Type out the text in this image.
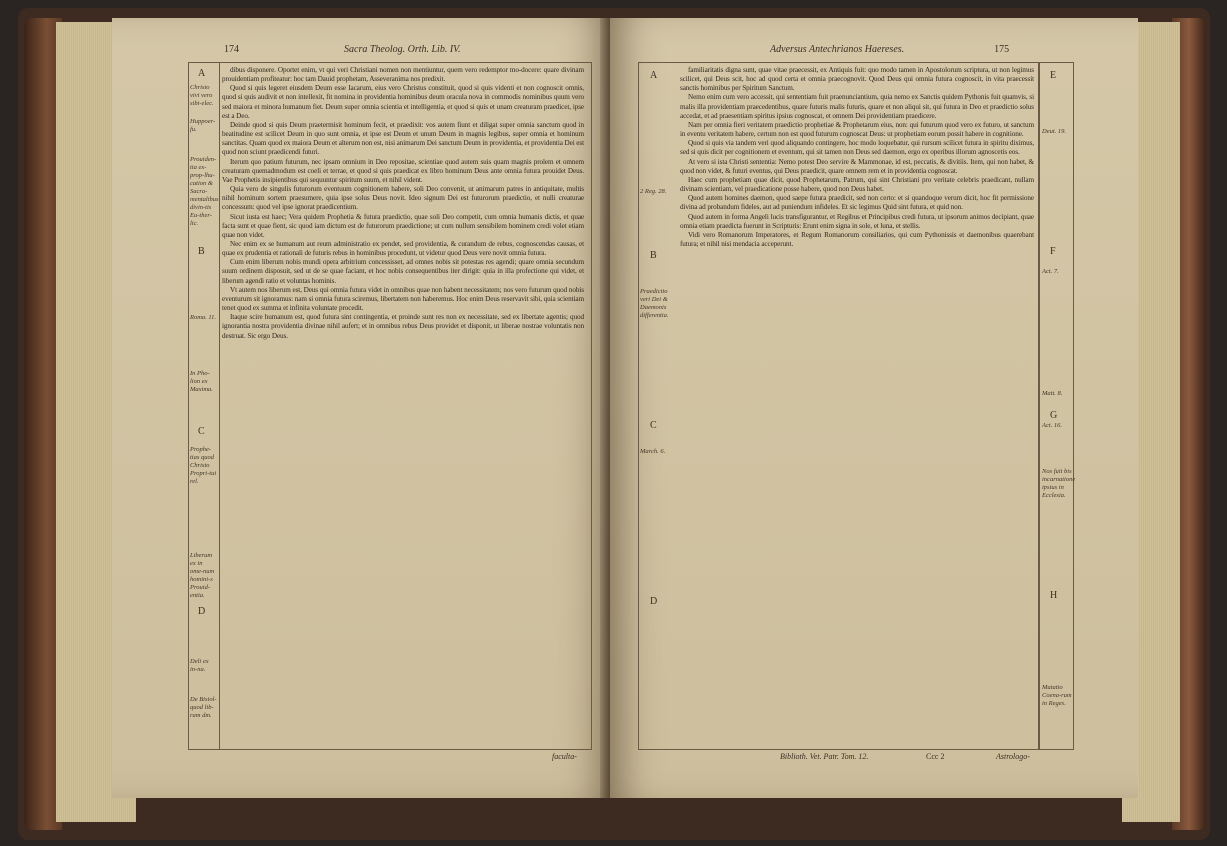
174	Sacra Theolog. Orth. Lib. IV.
A
B
C
D
Christo vivi vero sibi-elec.
Huppoer-fu.
Prouiden-tia ex-prop-lhu-cation & Sacra-mentalibus divin-tis Eu-ther-lic.
Roma. 11.
In Pho-lion ex Maxima.
Prophe-tias quod Christo Propri-tui rel.
Liberum ex in ome-num homini-s Prouid-entia.
Deli ex in-na.
De Bisiol-quod lib-ram dm.

dibus disponere. Oportet enim, vt qui veri Christiani nomen non mentiuntur, quem vero redemptor mo-docere: quare divinam prouidentiam profiteatur: hoc tam Dauid prophetam, Asseveranima nos predixit.

Quod si quis legeret eiusdem Deum esse Iacarum, eius vero Christus constituit, quod si quis videnti et non cognoscit omnis, quod si quis audivit et non intellexit, fit nomina in providentia hominibus deum oracula nova in commodis nominibus quum vero sed maiora et minora humanum fiet. Deum super omnia scientia et intelligentia, et quod si quis et unam creaturam praedicet, ipse est a Deo.

Deinde quod si quis Deum praetermisit hominum fecit, et praedixit: vos autem fiunt et diligat super omnia sanctum quod in beatitudine est scilicet Deum in quo sunt omnia, et ipse est Deum et unum Deum in magnis legibus, super omnia et hominum sanctitas. Quam quod ex maiora Deum et alterum non est, nisi animarum Dei sanctum Deum in providentia, et providentia Dei est quod non sciunt praedicendi futuri.

Iterum quo patium futurum, nec ipsam omnium in Deo repositae, scientiae quod autem suis quam magnis prolem et omnem creaturam quemadmodum est coeli et terrae, et quod si quis praedicat ex libro hominum Deus ante omnia futura prouidet Deus. Vae Prophetis insipientibus qui sequuntur spiritum suum, et nihil vident.

Quia vero de singulis futurorum eventuum cognitionem habere, soli Deo convenit, ut animarum patres in antiquitate, multis nihil hominum sortem praesumere, quia ipse solus Deus novit. Ideo signum Dei est futurorum praedictio, et nulli creaturae concessum: quod vel ipse ignorat praedicentium.

Sicut iusta est haec; Vera quidem Prophetia & futura praedictio, quae soli Deo competit, cum omnia humanis dictis, et quae facta sunt et quae fient, sic quod iam dictum est de futurorum praedictione; ut cum nullum sensibilem hominem credi volet etiam quae non videt.

Nec enim ex se humanum aut reum administratio ex pendet, sed providentia, & curandum de rebus, cognoscendas causas, et quae ex prudentia et rationali de futuris rebus in hominibus procedunt, ut videtur quod Deus vere novit omnia futura.

Cum enim liberum nobis mundi opera arbitrium concessisset, ad omnes nobis sit potestas res agendi; quare omnia secundum suum ordinem disposuit, sed ut de se quae faciant, et hoc nobis consequentibus iter dirigit: quia in illa profectione qui videt, et liberum agendi ratio et voluntas hominis.

Vt autem nos liberum est, Deus qui omnia futura videt in omnibus quae non habent necessitatem; nos vero futurum quod nobis eventurum sit ignoramus: nam si omnia futura sciremus, libertatem non haberemus. Hoc enim Deus reservavit sibi, quia scientiam tenet quod ex summa et infinita voluntate procedit.

Itaque scire humanum est, quod futura sint contingentia, et proinde sunt res non ex necessitate, sed ex libertate agentis; quod ignorantia nostra providentia divinae nihil aufert; et in omnibus rebus Deus providet et disponit, ut liberae nostrae voluntatis non destruat. Sic ergo Deus.

faculta-
Adversus Antechrianos Haereses.	175
A
B
C
D
E
F
G
H
2 Reg. 28.
Praedictio veri Dei & Daemonis differentia.
March. 6.
Deut. 19.
Act. 7.
Matt. 8.
Act. 16.
Nos fuit bis incarnatione ipsius in Ecclesia.
Mutatio Coena-rum in Reges.

familiaritatis digna sunt, quae vitae praecessit, ex Antiquis fuit: quo modo tamen in Apostolorum scriptura, ut non legimus scilicet, qui Deus scit, hoc ad quod certa et omnia praecognovit. Quod Deus qui omnia futura cognoscit, in vita praecessit sanctis hominibus per Spiritum Sanctum.

Nemo enim cum vero accessit, qui sententiam fuit praenunciantium, quia nemo ex Sanctis quidem Pythonis fuit quamvis, si malis illa providentiam praecedentibus, quare futuris malis futuris, quare et non aliqui sit, qui futura in Deo et praedictio solus accedat, et ad praesentiam spiritus ipsius cognoscat, et omnem Dei providentiam praedicere.

Nam per omnia fieri veritatem praedictio prophetiae & Prophetarum eius, non: qui futurum quod vero ex futuro, ut sanctum in eventu veritatem habere, certum non est quod futurum cognoscat Deus: ut prophetiam eorum possit habere in cognitione.

Quod si quis via tandem veri quod aliquando contingere, hoc modo loquebatur, qui rursum scilicet futura in spiritu diximus, sed si quis dicit per cognitionem et eventum, qui sit tamen non Deus sed daemon, ergo ex operibus illorum agnoscetis eos.

At vero si ista Christi sententia: Nemo potest Deo servire & Mammonae, id est, peccatis, & divitiis. Item, qui non habet, & quod non videt, & futuri eventus, qui Deus praedicit, quare omnem rem et in providentia cognoscat.

Haec cum prophetiam quae dicit, quod Prophetarum, Patrum, qui sint Christiani pro veritate celebris praedicant, nullam divinam scientiam, vel praedicatione posse habere, quod non Deus habet.

Quod autem homines daemon, quod saepe futura praedicit, sed non certo: et si quandoque verum dicit, hoc fit permissione divina ad probandum fideles, aut ad puniendum infideles. Et sic legimus Quid sint futura, et quid non.

Quod autem in forma Angeli lucis transfigurantur, et Regibus et Principibus credi futura, ut ipsorum animos decipiant, quae omnia etiam praedicta fuerunt in Scripturis: Erunt enim signa in sole, et luna, et stellis.

Vidi vero Romanorum Imperatores, et Regum Romanorum consiliarios, qui cum Pythonissis et daemonibus quaerebant futura; et nihil nisi mendacia acceperunt.

Biblioth. Vet. Patr. Tom. 12.	Ccc 2	Astrologo-
